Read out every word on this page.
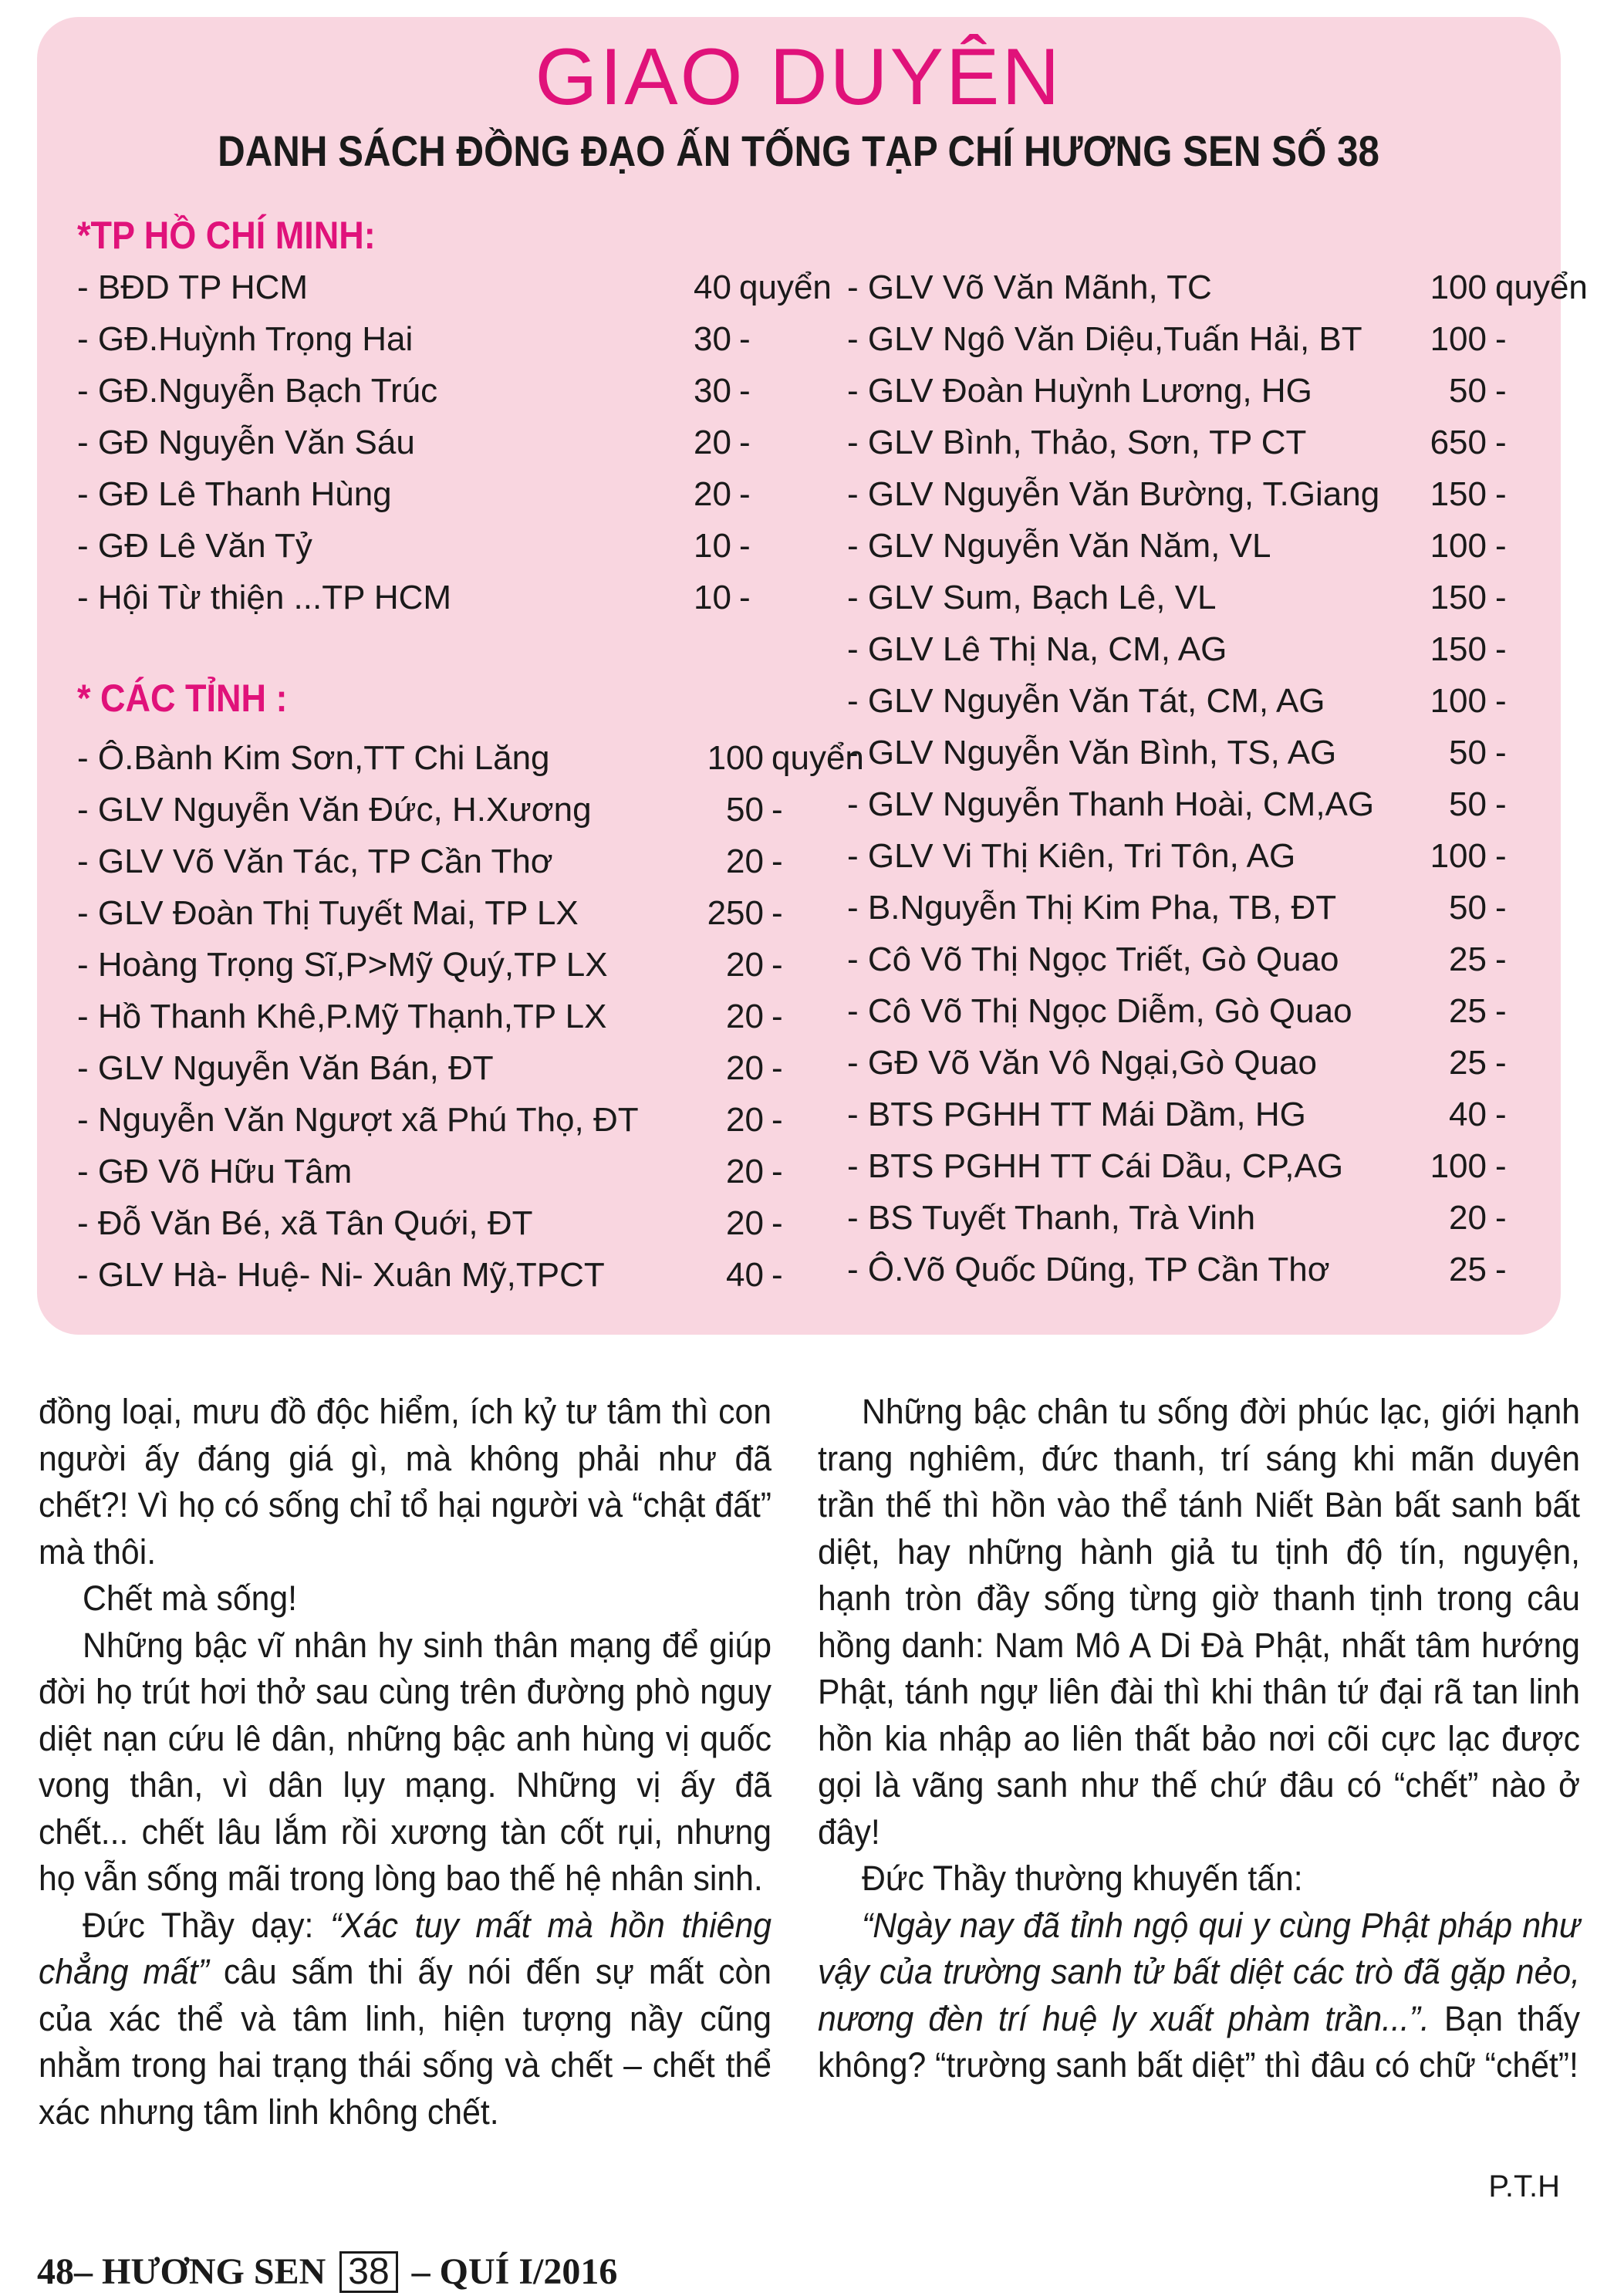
GIAO DUYÊN
DANH SÁCH ĐỒNG ĐẠO ẤN TỐNG TẠP CHÍ HƯƠNG SEN SỐ 38
*TP HỒ CHÍ MINH:
- BĐD TP HCM	40 quyển
- GĐ.Huỳnh Trọng Hai	30 -
- GĐ.Nguyễn Bạch Trúc	30 -
- GĐ Nguyễn Văn Sáu	20 -
- GĐ Lê Thanh Hùng	20 -
- GĐ Lê Văn Tỷ	10 -
- Hội Từ thiện ...TP HCM	10 -
* CÁC TỈNH :
- Ô.Bành Kim Sơn,TT Chi Lăng	100 quyển
- GLV Nguyễn Văn Đức, H.Xương	50 -
- GLV Võ Văn Tác, TP Cần Thơ	20 -
- GLV Đoàn Thị Tuyết Mai, TP LX	250 -
- Hoàng Trọng Sĩ,P>Mỹ Quý,TP LX	20 -
- Hồ Thanh Khê,P.Mỹ Thạnh,TP LX	20 -
- GLV Nguyễn Văn Bán, ĐT	20 -
- Nguyễn Văn Ngượt xã Phú Thọ, ĐT	20 -
- GĐ Võ Hữu Tâm	20 -
- Đỗ Văn Bé, xã Tân Quới, ĐT	20 -
- GLV Hà- Huệ- Ni- Xuân Mỹ,TPCT	40 -
- GLV Võ Văn Mãnh, TC	100 quyển
- GLV Ngô Văn Diệu,Tuấn Hải, BT 100 -
- GLV Đoàn Huỳnh Lương, HG	50 -
- GLV Bình, Thảo, Sơn, TP CT	650 -
- GLV Nguyễn Văn Bường, T.Giang 150 -
- GLV Nguyễn Văn Năm, VL	100 -
- GLV Sum, Bạch Lê, VL	150 -
- GLV Lê Thị Na, CM, AG	150 -
- GLV Nguyễn Văn Tát, CM, AG	100 -
- GLV Nguyễn Văn Bình, TS, AG	50 -
- GLV Nguyễn Thanh Hoài, CM,AG 50 -
- GLV Vi Thị Kiên, Tri Tôn, AG	100 -
- B.Nguyễn Thị Kim Pha, TB, ĐT	50 -
- Cô Võ Thị Ngọc Triết, Gò Quao	25 -
- Cô Võ Thị Ngọc Diễm, Gò Quao	25 -
- GĐ Võ Văn Vô Ngại,Gò Quao	25 -
- BTS PGHH TT Mái Dầm, HG	40 -
- BTS PGHH TT Cái Dầu, CP,AG	100 -
- BS Tuyết Thanh, Trà Vinh	20 -
- Ô.Võ Quốc Dũng, TP Cần Thơ	25 -

đồng loại, mưu đồ độc hiểm, ích kỷ tư tâm thì con người ấy đáng giá gì, mà không phải như đã chết?! Vì họ có sống chỉ tổ hại người và “chật đất” mà thôi.

Chết mà sống!

Những bậc vĩ nhân hy sinh thân mạng để giúp đời họ trút hơi thở sau cùng trên đường phò nguy diệt nạn cứu lê dân, những bậc anh hùng vị quốc vong thân, vì dân lụy mạng. Những vị ấy đã chết... chết lâu lắm rồi xương tàn cốt rụi, nhưng họ vẫn sống mãi trong lòng bao thế hệ nhân sinh.

Đức Thầy dạy: “Xác tuy mất mà hồn thiêng chẳng mất” câu sấm thi ấy nói đến sự mất còn của xác thể và tâm linh, hiện tượng nầy cũng nhằm trong hai trạng thái sống và chết – chết thể xác nhưng tâm linh không chết.

Những bậc chân tu sống đời phúc lạc, giới hạnh trang nghiêm, đức thanh, trí sáng khi mãn duyên trần thế thì hồn vào thể tánh Niết Bàn bất sanh bất diệt, hay những hành giả tu tịnh độ tín, nguyện, hạnh tròn đầy sống từng giờ thanh tịnh trong câu hồng danh: Nam Mô A Di Đà Phật, nhất tâm hướng Phật, tánh ngự liên đài thì khi thân tứ đại rã tan linh hồn kia nhập ao liên thất bảo nơi cõi cực lạc được gọi là vãng sanh như thế chứ đâu có “chết” nào ở đây!

Đức Thầy thường khuyến tấn:

“Ngày nay đã tỉnh ngộ qui y cùng Phật pháp như vậy của trường sanh tử bất diệt các trò đã gặp nẻo, nương đèn trí huệ ly xuất phàm trần...”. Bạn thấy không? “trường sanh bất diệt” thì đâu có chữ “chết”!

P.T.H
48– HƯƠNG SEN 38 – QUÍ I/2016
